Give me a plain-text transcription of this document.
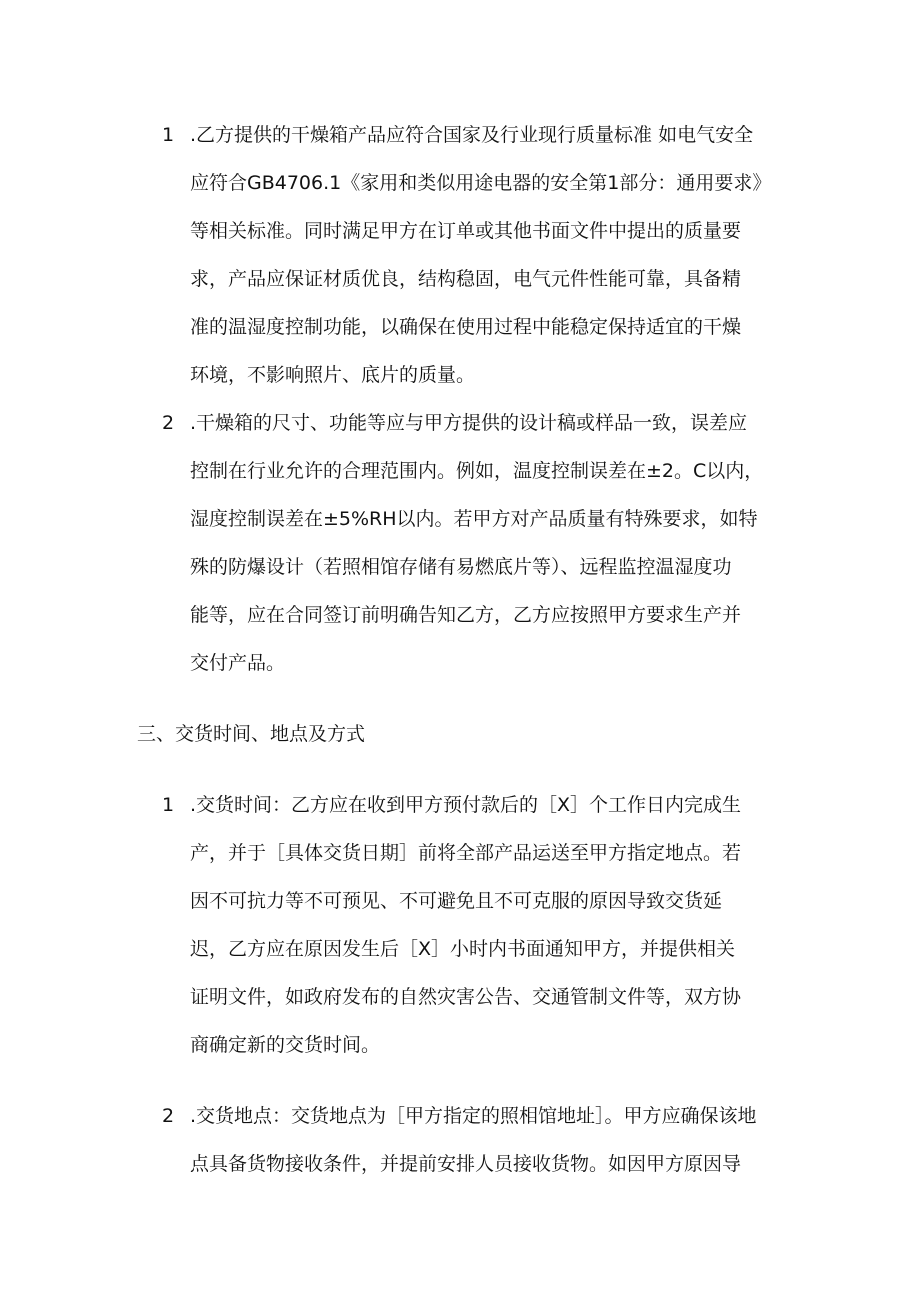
1 .乙方提供的干燥箱产品应符合国家及行业现行质量标准 如电气安全
应符合GB4706.1《家用和类似用途电器的安全第1部分：通用要求》
等相关标准。同时满足甲方在订单或其他书面文件中提出的质量要
求，产品应保证材质优良，结构稳固，电气元件性能可靠，具备精
准的温湿度控制功能，以确保在使用过程中能稳定保持适宜的干燥
环境，不影响照片、底片的质量。
2 .干燥箱的尺寸、功能等应与甲方提供的设计稿或样品一致，误差应
控制在行业允许的合理范围内。例如，温度控制误差在±2。C以内，
湿度控制误差在±5%RH以内。若甲方对产品质量有特殊要求，如特
殊的防爆设计（若照相馆存储有易燃底片等）、远程监控温湿度功
能等，应在合同签订前明确告知乙方，乙方应按照甲方要求生产并
交付产品。
三、交货时间、地点及方式
1 .交货时间：乙方应在收到甲方预付款后的［X］个工作日内完成生
产，并于［具体交货日期］前将全部产品运送至甲方指定地点。若
因不可抗力等不可预见、不可避免且不可克服的原因导致交货延
迟，乙方应在原因发生后［X］小时内书面通知甲方，并提供相关
证明文件，如政府发布的自然灾害公告、交通管制文件等，双方协
商确定新的交货时间。
2 .交货地点：交货地点为［甲方指定的照相馆地址］。甲方应确保该地
点具备货物接收条件，并提前安排人员接收货物。如因甲方原因导
